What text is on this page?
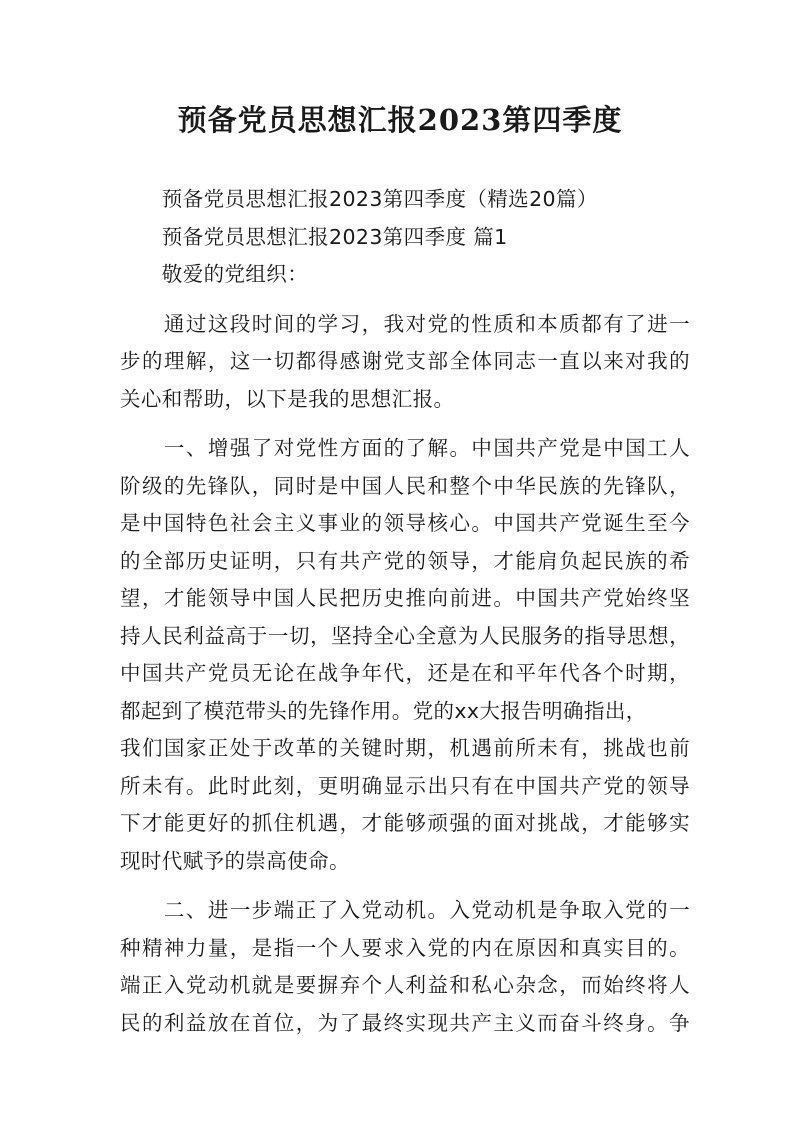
预备党员思想汇报2023第四季度
　　预备党员思想汇报2023第四季度（精选20篇）
　　预备党员思想汇报2023第四季度 篇1
　　敬爱的党组织：
　　通过这段时间的学习，我对党的性质和本质都有了进一
步的理解，这一切都得感谢党支部全体同志一直以来对我的
关心和帮助，以下是我的思想汇报。
　　一、增强了对党性方面的了解。中国共产党是中国工人
阶级的先锋队，同时是中国人民和整个中华民族的先锋队，
是中国特色社会主义事业的领导核心。中国共产党诞生至今
的全部历史证明，只有共产党的领导，才能肩负起民族的希
望，才能领导中国人民把历史推向前进。中国共产党始终坚
持人民利益高于一切，坚持全心全意为人民服务的指导思想，
中国共产党员无论在战争年代，还是在和平年代各个时期，
都起到了模范带头的先锋作用。党的xx大报告明确指出，
我们国家正处于改革的关键时期，机遇前所未有，挑战也前
所未有。此时此刻，更明确显示出只有在中国共产党的领导
下才能更好的抓住机遇，才能够顽强的面对挑战，才能够实
现时代赋予的崇高使命。
　　二、进一步端正了入党动机。入党动机是争取入党的一
种精神力量，是指一个人要求入党的内在原因和真实目的。
端正入党动机就是要摒弃个人利益和私心杂念，而始终将人
民的利益放在首位，为了最终实现共产主义而奋斗终身。争
